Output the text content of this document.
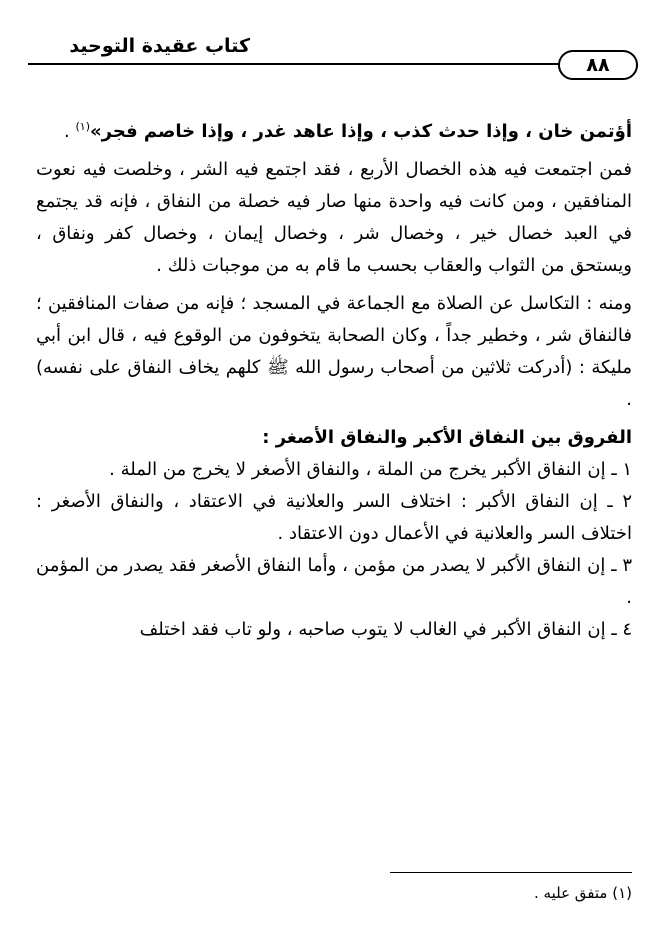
كتاب عقيدة التوحيد
٨٨

أؤتمن خان ، وإذا حدث كذب ، وإذا عاهد غدر ، وإذا خاصم فجر»$^{(١)}$ .

فمن اجتمعت فيه هذه الخصال الأربع ، فقد اجتمع فيه الشر ، وخلصت فيه نعوت المنافقين ، ومن كانت فيه واحدة منها صار فيه خصلة من النفاق ، فإنه قد يجتمع في العبد خصال خير ، وخصال شر ، وخصال إيمان ، وخصال كفر ونفاق ، ويستحق من الثواب والعقاب بحسب ما قام به من موجبات ذلك .

ومنه : التكاسل عن الصلاة مع الجماعة في المسجد ؛ فإنه من صفات المنافقين ؛ فالنفاق شر ، وخطير جداً ، وكان الصحابة يتخوفون من الوقوع فيه ، قال ابن أبي مليكة : (أدركت ثلاثين من أصحاب رسول الله ﷺ كلهم يخاف النفاق على نفسه) .

الفروق بين النفاق الأكبر والنفاق الأصغر :

١ ـ إن النفاق الأكبر يخرج من الملة ، والنفاق الأصغر لا يخرج من الملة .

٢ ـ إن النفاق الأكبر : اختلاف السر والعلانية في الاعتقاد ، والنفاق الأصغر : اختلاف السر والعلانية في الأعمال دون الاعتقاد .

٣ ـ إن النفاق الأكبر لا يصدر من مؤمن ، وأما النفاق الأصغر فقد يصدر من المؤمن .

٤ ـ إن النفاق الأكبر في الغالب لا يتوب صاحبه ، ولو تاب فقد اختلف

(١) متفق عليه .
